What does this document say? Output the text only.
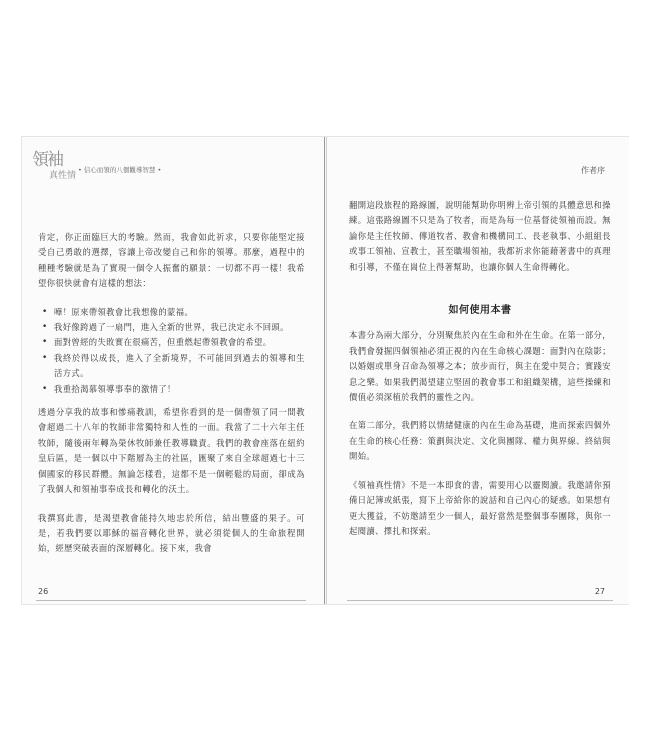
領袖
真性情
• 信心而領的八個觀導智慧 •

肯定，你正面臨巨大的考驗。然而，我會如此祈求，只要你能堅定接受自己勇敢的選擇，容讓上帝改變自己和你的領導。那麼，過程中的種種考驗就是為了實現一個令人振奮的願景：一切都不再一樣！我希望你很快就會有這樣的想法：

• 嘩！原來帶領教會比我想像的蒙福。
• 我好像跨過了一扇門，進入全新的世界，我已決定永不回頭。
• 面對曾經的失敗實在很痛苦，但重燃起帶領教會的希望。
• 我終於得以成長，進入了全新境界，不可能回到過去的領導和生活方式。
• 我重拾渴慕領導事奉的激情了！

透過分享我的故事和慘痛教訓，希望你看到的是一個帶領了同一間教會超過二十八年的牧師非常獨特和人性的一面。我當了二十六年主任牧師，隨後兩年轉為榮休牧師兼任教導職責。我們的教會座落在紐約皇后區，是一個以中下階層為主的社區，匯聚了來自全球超過七十三個國家的移民群體。無論怎樣看，這都不是一個輕鬆的局面，卻成為了我個人和領袖事奉成長和轉化的沃土。

我撰寫此書，是渴望教會能持久地忠於所信，結出豐盛的果子。可是，若我們要以耶穌的福音轉化世界，就必須從個人的生命旅程開始，經歷突破表面的深層轉化。接下來，我會

26
作者序

翻開這段旅程的路線圖，說明能幫助你明辨上帝引領的具體意思和操練。這張路線圖不只是為了牧者，而是為每一位基督徒領袖而設。無論你是主任牧師、傳道牧者、教會和機構同工、長老執事、小組組長或事工領袖、宣教士，甚至職場領袖，我都祈求你能藉著書中的真理和引導，不僅在崗位上得著幫助，也讓你個人生命得轉化。

如何使用本書

本書分為兩大部分，分別聚焦於內在生命和外在生命。在第一部分，我們會發掘四個領袖必須正視的內在生命核心課題：面對內在陰影；以婚姻或單身召命為領導之本；放步而行，與主在愛中契合；實踐安息之樂。如果我們渴望建立堅固的教會事工和組織架構，這些操練和價值必須深植於我們的靈性之內。

在第二部分，我們將以情緒健康的內在生命為基礎，進而探索四個外在生命的核心任務：策劃與決定、文化與團隊、權力與界線、終結與開始。

《領袖真性情》不是一本即食的書，需要用心以靈閱讀。我邀請你預備日記簿或紙張，寫下上帝給你的說話和自己內心的疑惑。如果想有更大獲益，不妨邀請至少一個人，最好當然是整個事奉團隊，與你一起閱讀、擇扎和探索。

27
